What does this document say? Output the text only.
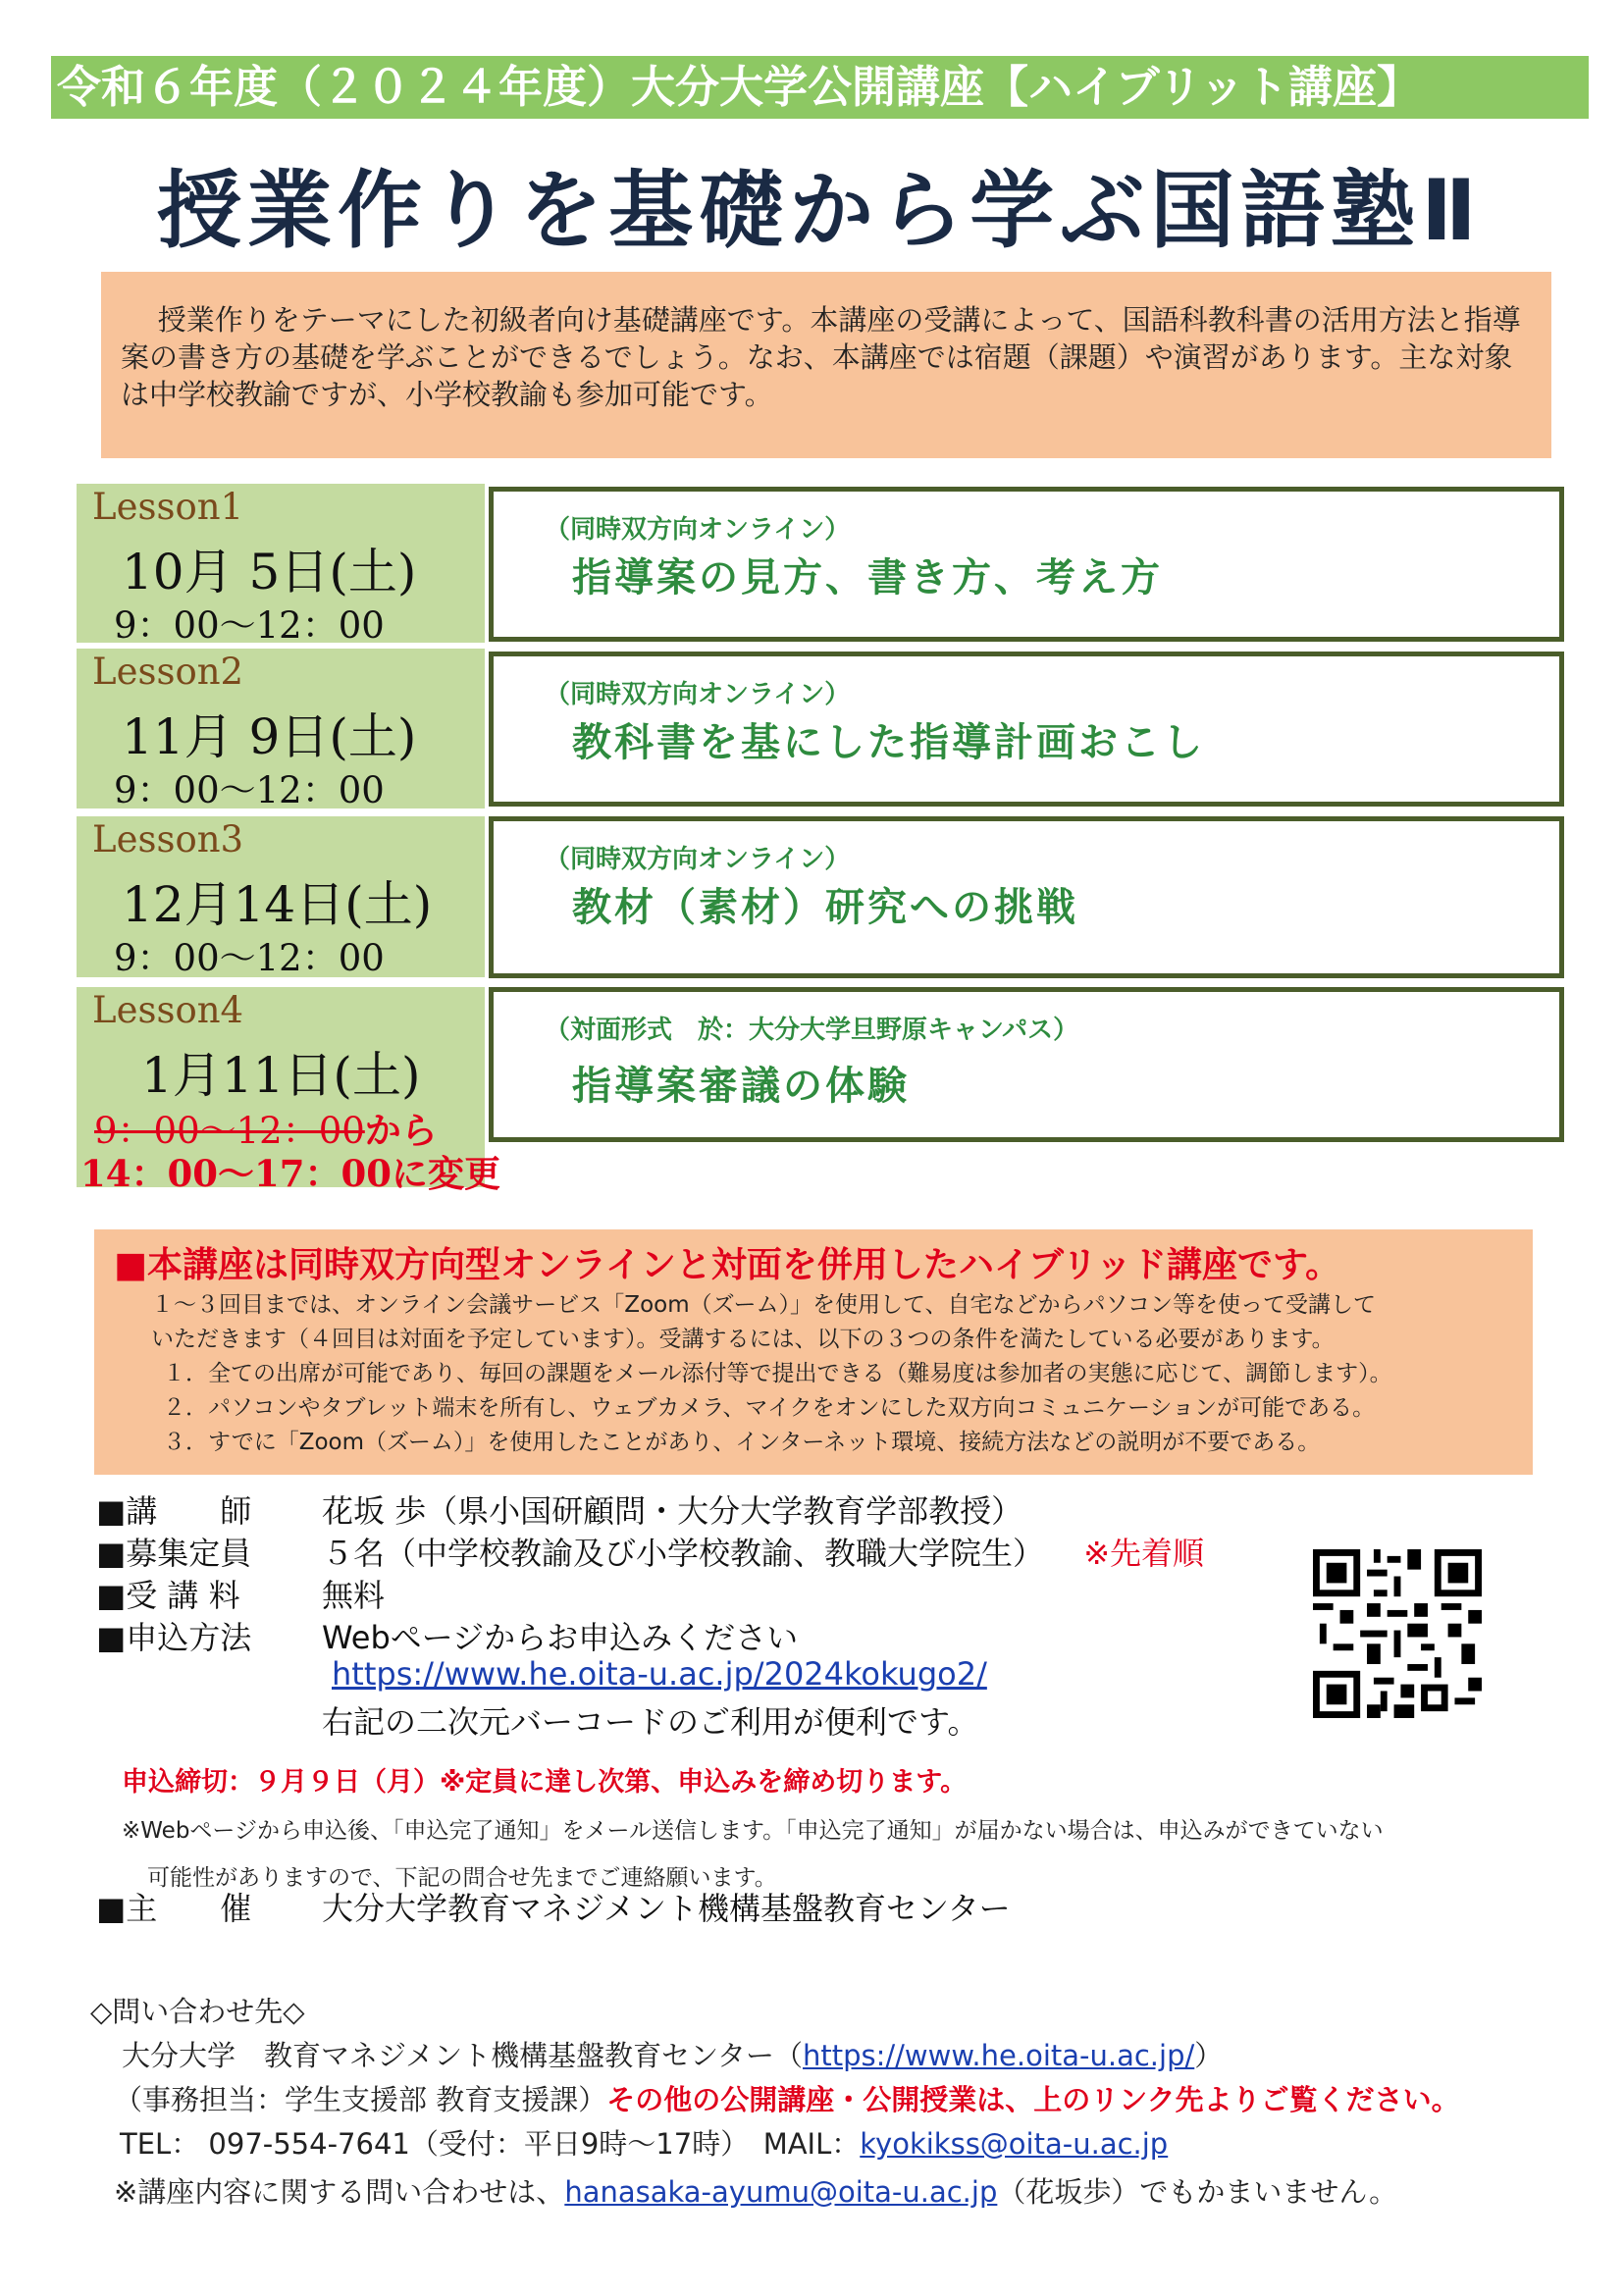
令和６年度（２０２４年度）大分大学公開講座【ハイブリット講座】
授業作りを基礎から学ぶ国語塾Ⅱ
授業作りをテーマにした初級者向け基礎講座です。本講座の受講によって、国語科教科書の活用方法と指導案の書き方の基礎を学ぶことができるでしょう。なお、本講座では宿題（課題）や演習があります。主な対象は中学校教諭ですが、小学校教諭も参加可能です。
Lesson1
10月 5日(土)
9：00～12：00
（同時双方向オンライン）
指導案の見方、書き方、考え方
Lesson2
11月 9日(土)
9：00～12：00
（同時双方向オンライン）
教科書を基にした指導計画おこし
Lesson3
12月14日(土)
9：00～12：00
（同時双方向オンライン）
教材（素材）研究への挑戦
Lesson4
1月11日(土)
9：00～12：00から
14：00～17：00に変更
（対面形式　於：大分大学旦野原キャンパス）
指導案審議の体験
■本講座は同時双方向型オンラインと対面を併用したハイブリッド講座です。
１～３回目までは、オンライン会議サービス「Zoom（ズーム）」を使用して、自宅などからパソコン等を使って受講して
いただきます（４回目は対面を予定しています）。受講するには、以下の３つの条件を満たしている必要があります。
１．全ての出席が可能であり、毎回の課題をメール添付等で提出できる（難易度は参加者の実態に応じて、調節します）。
２．パソコンやタブレット端末を所有し、ウェブカメラ、マイクをオンにした双方向コミュニケーションが可能である。
３．すでに「Zoom（ズーム）」を使用したことがあり、インターネット環境、接続方法などの説明が不要である。
■講　　師 花坂 歩（県小国研顧問・大分大学教育学部教授）
■募集定員 ５名（中学校教諭及び小学校教諭、教職大学院生） ※先着順
■受 講 料	無料
■申込方法 Webページからお申込みください
https://www.he.oita-u.ac.jp/2024kokugo2/
右記の二次元バーコードのご利用が便利です。
申込締切：９月９日（月）※定員に達し次第、申込みを締め切ります。
※Webページから申込後、「申込完了通知」をメール送信します。「申込完了通知」が届かない場合は、申込みができていない
可能性がありますので、下記の問合せ先までご連絡願います。
■主　　催 大分大学教育マネジメント機構基盤教育センター
◇問い合わせ先◇
大分大学　教育マネジメント機構基盤教育センター（https://www.he.oita-u.ac.jp/）
（事務担当：学生支援部 教育支援課）その他の公開講座・公開授業は、上のリンク先よりご覧ください。
TEL： 097-554-7641（受付：平日9時～17時）　MAIL：kyokikss@oita-u.ac.jp
※講座内容に関する問い合わせは、hanasaka-ayumu@oita-u.ac.jp（花坂歩）でもかまいません。
